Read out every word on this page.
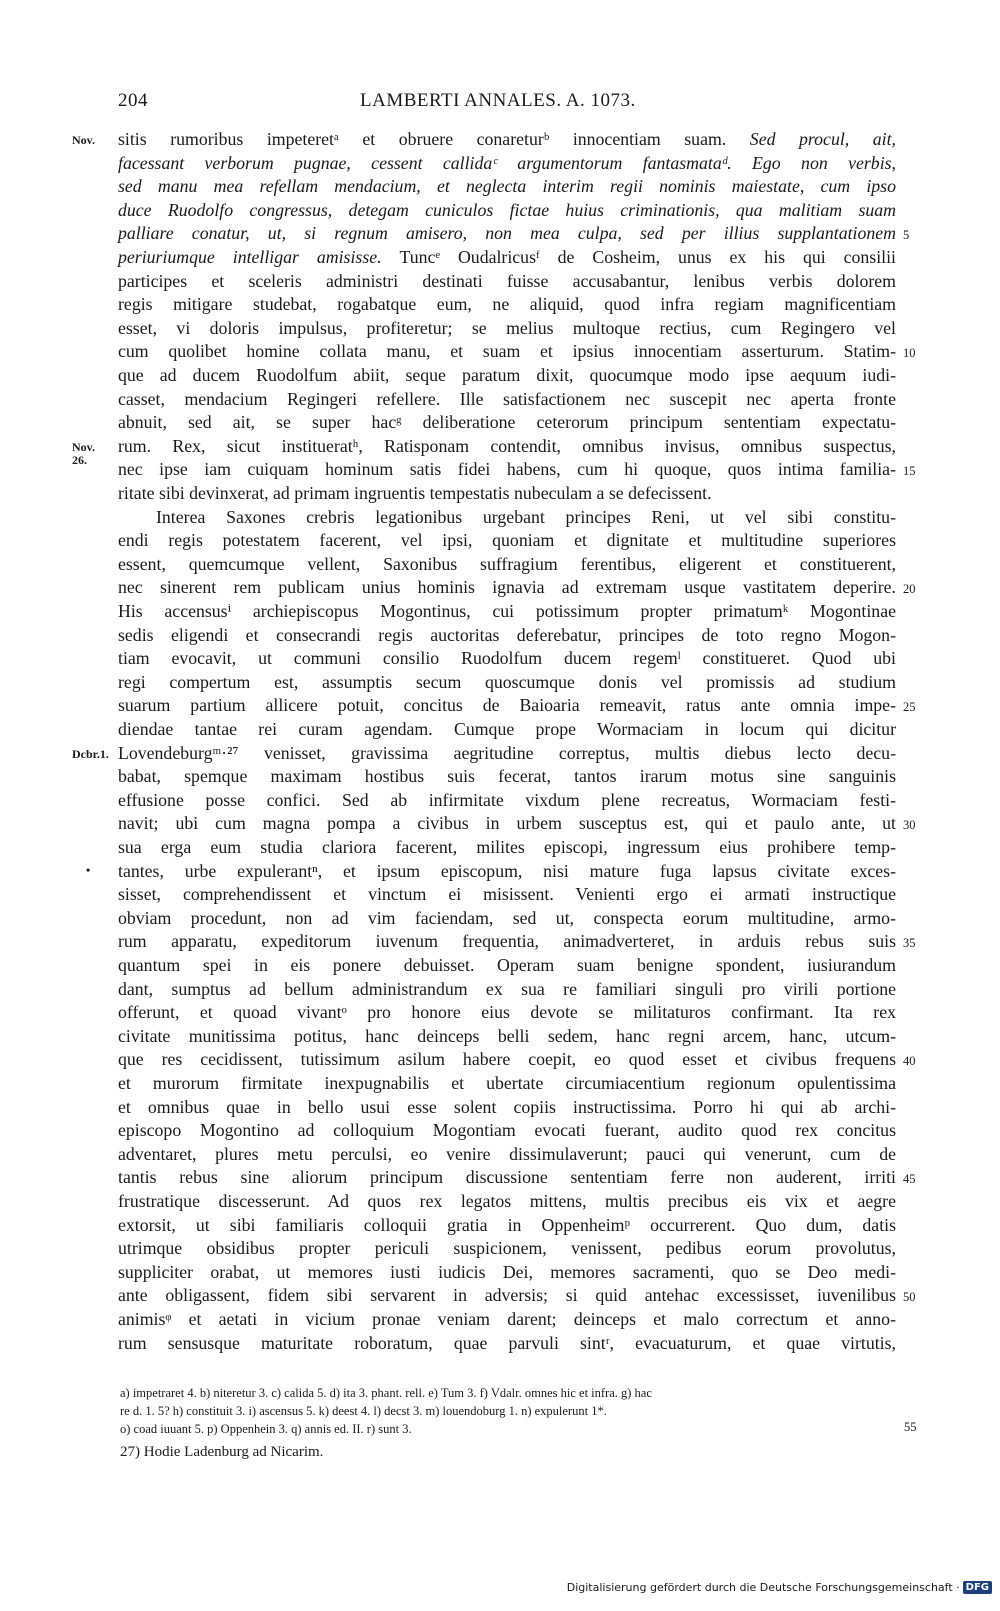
204	LAMBERTI ANNALES. A. 1073.
sitis rumoribus impeteretᵃ et obruere conareturᵇ innocentiam suam. Sed procul, ait,
facessant verborum pugnae, cessent callidaᶜ argumentorum fantasmataᵈ. Ego non verbis,
sed manu mea refellam mendacium, et neglecta interim regii nominis maiestate, cum ipso
duce Ruodolfo congressus, detegam cuniculos fictae huius criminationis, qua malitiam suam
palliare conatur, ut, si regnum amisero, non mea culpa, sed per illius supplantationem
periuriumque intelligar amisisse. Tuncᵉ Oudalricusᶠ de Cosheim, unus ex his qui consilii
participes et sceleris administri destinati fuisse accusabantur, lenibus verbis dolorem
regis mitigare studebat, rogabatque eum, ne aliquid, quod infra regiam magnificentiam
esset, vi doloris impulsus, profiteretur; se melius multoque rectius, cum Regingero vel
cum quolibet homine collata manu, et suam et ipsius innocentiam asserturum. Statim-
que ad ducem Ruodolfum abiit, seque paratum dixit, quocumque modo ipse aequum iudi-
casset, mendacium Regingeri refellere. Ille satisfactionem nec suscepit nec aperta fronte
abnuit, sed ait, se super hacᵍ deliberatione ceterorum principum sententiam expectatu-
rum. Rex, sicut institueratʰ, Ratisponam contendit, omnibus invisus, omnibus suspectus,
nec ipse iam cuiquam hominum satis fidei habens, cum hi quoque, quos intima familia-
ritate sibi devinxerat, ad primam ingruentis tempestatis nubeculam a se defecissent.
Interea Saxones crebris legationibus urgebant principes Reni, ut vel sibi constitu-
endi regis potestatem facerent, vel ipsi, quoniam et dignitate et multitudine superiores
essent, quemcumque vellent, Saxonibus suffragium ferentibus, eligerent et constituerent,
nec sinerent rem publicam unius hominis ignavia ad extremam usque vastitatem deperire.
His accensusⁱ archiepiscopus Mogontinus, cui potissimum propter primatumᵏ Mogontinae
sedis eligendi et consecrandi regis auctoritas deferebatur, principes de toto regno Mogon-
tiam evocavit, ut communi consilio Ruodolfum ducem regemˡ constitueret. Quod ubi
regi compertum est, assumptis secum quoscumque donis vel promissis ad studium
suarum partium allicere potuit, concitus de Baioaria remeavit, ratus ante omnia impe-
diendae tantae rei curam agendam. Cumque prope Wormaciam in locum qui dicitur
Lovendeburgᵐ·²⁷ venisset, gravissima aegritudine correptus, multis diebus lecto decu-
babat, spemque maximam hostibus suis fecerat, tantos irarum motus sine sanguinis
effusione posse confici. Sed ab infirmitate vixdum plene recreatus, Wormaciam festi-
navit; ubi cum magna pompa a civibus in urbem susceptus est, qui et paulo ante, ut
sua erga eum studia clariora facerent, milites episcopi, ingressum eius prohibere temp-
tantes, urbe expulerantⁿ, et ipsum episcopum, nisi mature fuga lapsus civitate exces-
sisset, comprehendissent et vinctum ei misissent. Venienti ergo ei armati instructique
obviam procedunt, non ad vim faciendam, sed ut, conspecta eorum multitudine, armo-
rum apparatu, expeditorum iuvenum frequentia, animadverteret, in arduis rebus suis
quantum spei in eis ponere debuisset. Operam suam benigne spondent, iusiurandum
dant, sumptus ad bellum administrandum ex sua re familiari singuli pro virili portione
offerunt, et quoad vivantᵒ pro honore eius devote se militaturos confirmant. Ita rex
civitate munitissima potitus, hanc deinceps belli sedem, hanc regni arcem, hanc, utcum-
que res cecidissent, tutissimum asilum habere coepit, eo quod esset et civibus frequens
et murorum firmitate inexpugnabilis et ubertate circumiacentium regionum opulentissima
et omnibus quae in bello usui esse solent copiis instructissima. Porro hi qui ab archi-
episcopo Mogontino ad colloquium Mogontiam evocati fuerant, audito quod rex concitus
adventaret, plures metu perculsi, eo venire dissimulaverunt; pauci qui venerunt, cum de
tantis rebus sine aliorum principum discussione sententiam ferre non auderent, irriti
frustratique discesserunt. Ad quos rex legatos mittens, multis precibus eis vix et aegre
extorsit, ut sibi familiaris colloquii gratia in Oppenheimᵖ occurrerent. Quo dum, datis
utrimque obsidibus propter periculi suspicionem, venissent, pedibus eorum provolutus,
suppliciter orabat, ut memores iusti iudicis Dei, memores sacramenti, quo se Deo medi-
ante obligassent, fidem sibi servarent in adversis; si quid antehac excessisset, iuvenilibus
animisᵠ et aetati in vicium pronae veniam darent; deinceps et malo correctum et anno-
rum sensusque maturitate roboratum, quae parvuli sintʳ, evacuaturum, et quae virtutis,
Nov.
Nov.
26.
Dcbr.1.
•
5
10
15
20
25
30
35
40
45
50
a) impetraret 4. b) niteretur 3. c) calida 5. d) ita 3. phant. rell. e) Tum 3. f) Vdalr. omnes hic et infra. g) hac
re d. 1. 5? h) constituit 3. i) ascensus 5. k) deest 4. l) decst 3. m) louendoburg 1. n) expulerunt 1*.
o) coad iuuant 5. p) Oppenhein 3. q) annis ed. II. r) sunt 3.	55
27) Hodie Ladenburg ad Nicarim.
Digitalisierung gefördert durch die Deutsche Forschungsgemeinschaft · DFG
